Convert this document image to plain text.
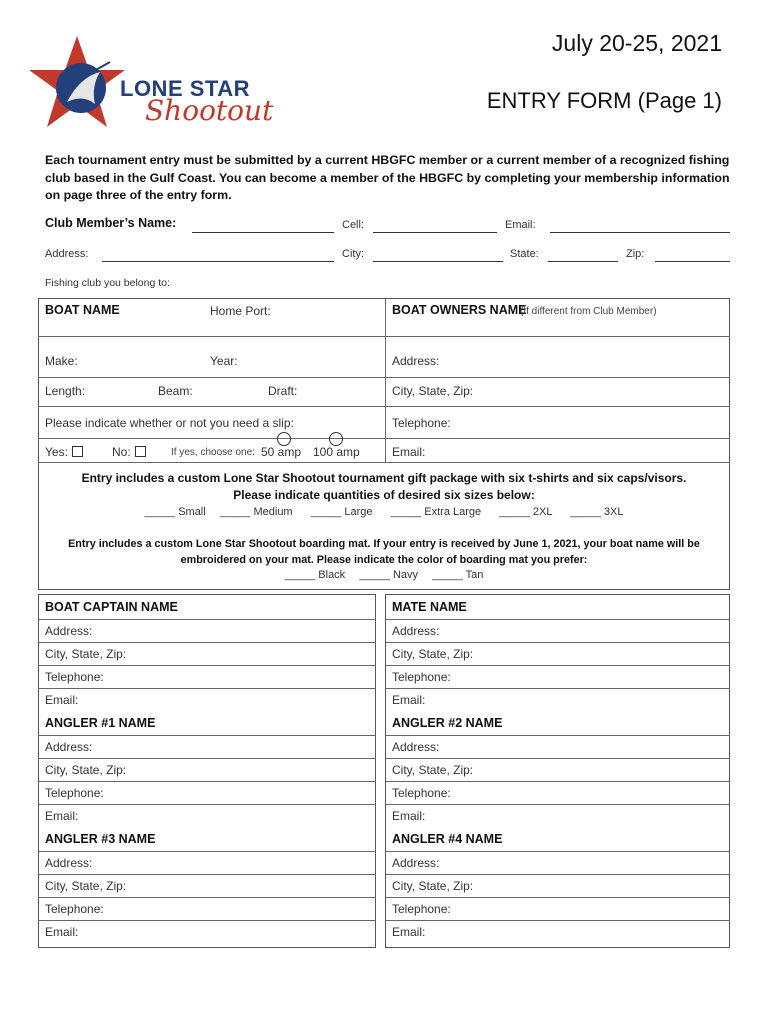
LONE STAR
Shootout
July 20-25, 2021
ENTRY FORM (Page 1)
Each tournament entry must be submitted by a current HBGFC member or a current member of a recognized fishing club based in the Gulf Coast. You can become a member of the HBGFC by completing your membership information on page three of the entry form.
Club Member’s Name:	Cell:	Email:
Address:	City:	State:	Zip:
Fishing club you belong to:
BOAT NAME	Home Port:	BOAT OWNERS NAME
(If different from Club Member)
Make:	Year:	Address:
Length:	Beam:	Draft:	City, State, Zip:
Please indicate whether or not you need a slip:	Telephone:
Yes:	No:	If yes, choose one: 50 amp 100 amp	Email:
Entry includes a custom Lone Star Shootout tournament gift package with six t-shirts and six caps/visors.
Please indicate quantities of desired six sizes below:
_____ Small _____ Medium _____ Large _____ Extra Large _____ 2XL _____ 3XL
Entry includes a custom Lone Star Shootout boarding mat. If your entry is received by June 1, 2021, your boat name will be
embroidered on your mat. Please indicate the color of boarding mat you prefer:
_____ Black _____ Navy _____ Tan
BOAT CAPTAIN NAME
Address:
City, State, Zip:
Telephone:
Email:
MATE NAME
Address:
City, State, Zip:
Telephone:
Email:
ANGLER #1 NAME
Address:
City, State, Zip:
Telephone:
Email:
ANGLER #2 NAME
Address:
City, State, Zip:
Telephone:
Email:
ANGLER #3 NAME
Address:
City, State, Zip:
Telephone:
Email:
ANGLER #4 NAME
Address:
City, State, Zip:
Telephone:
Email:
